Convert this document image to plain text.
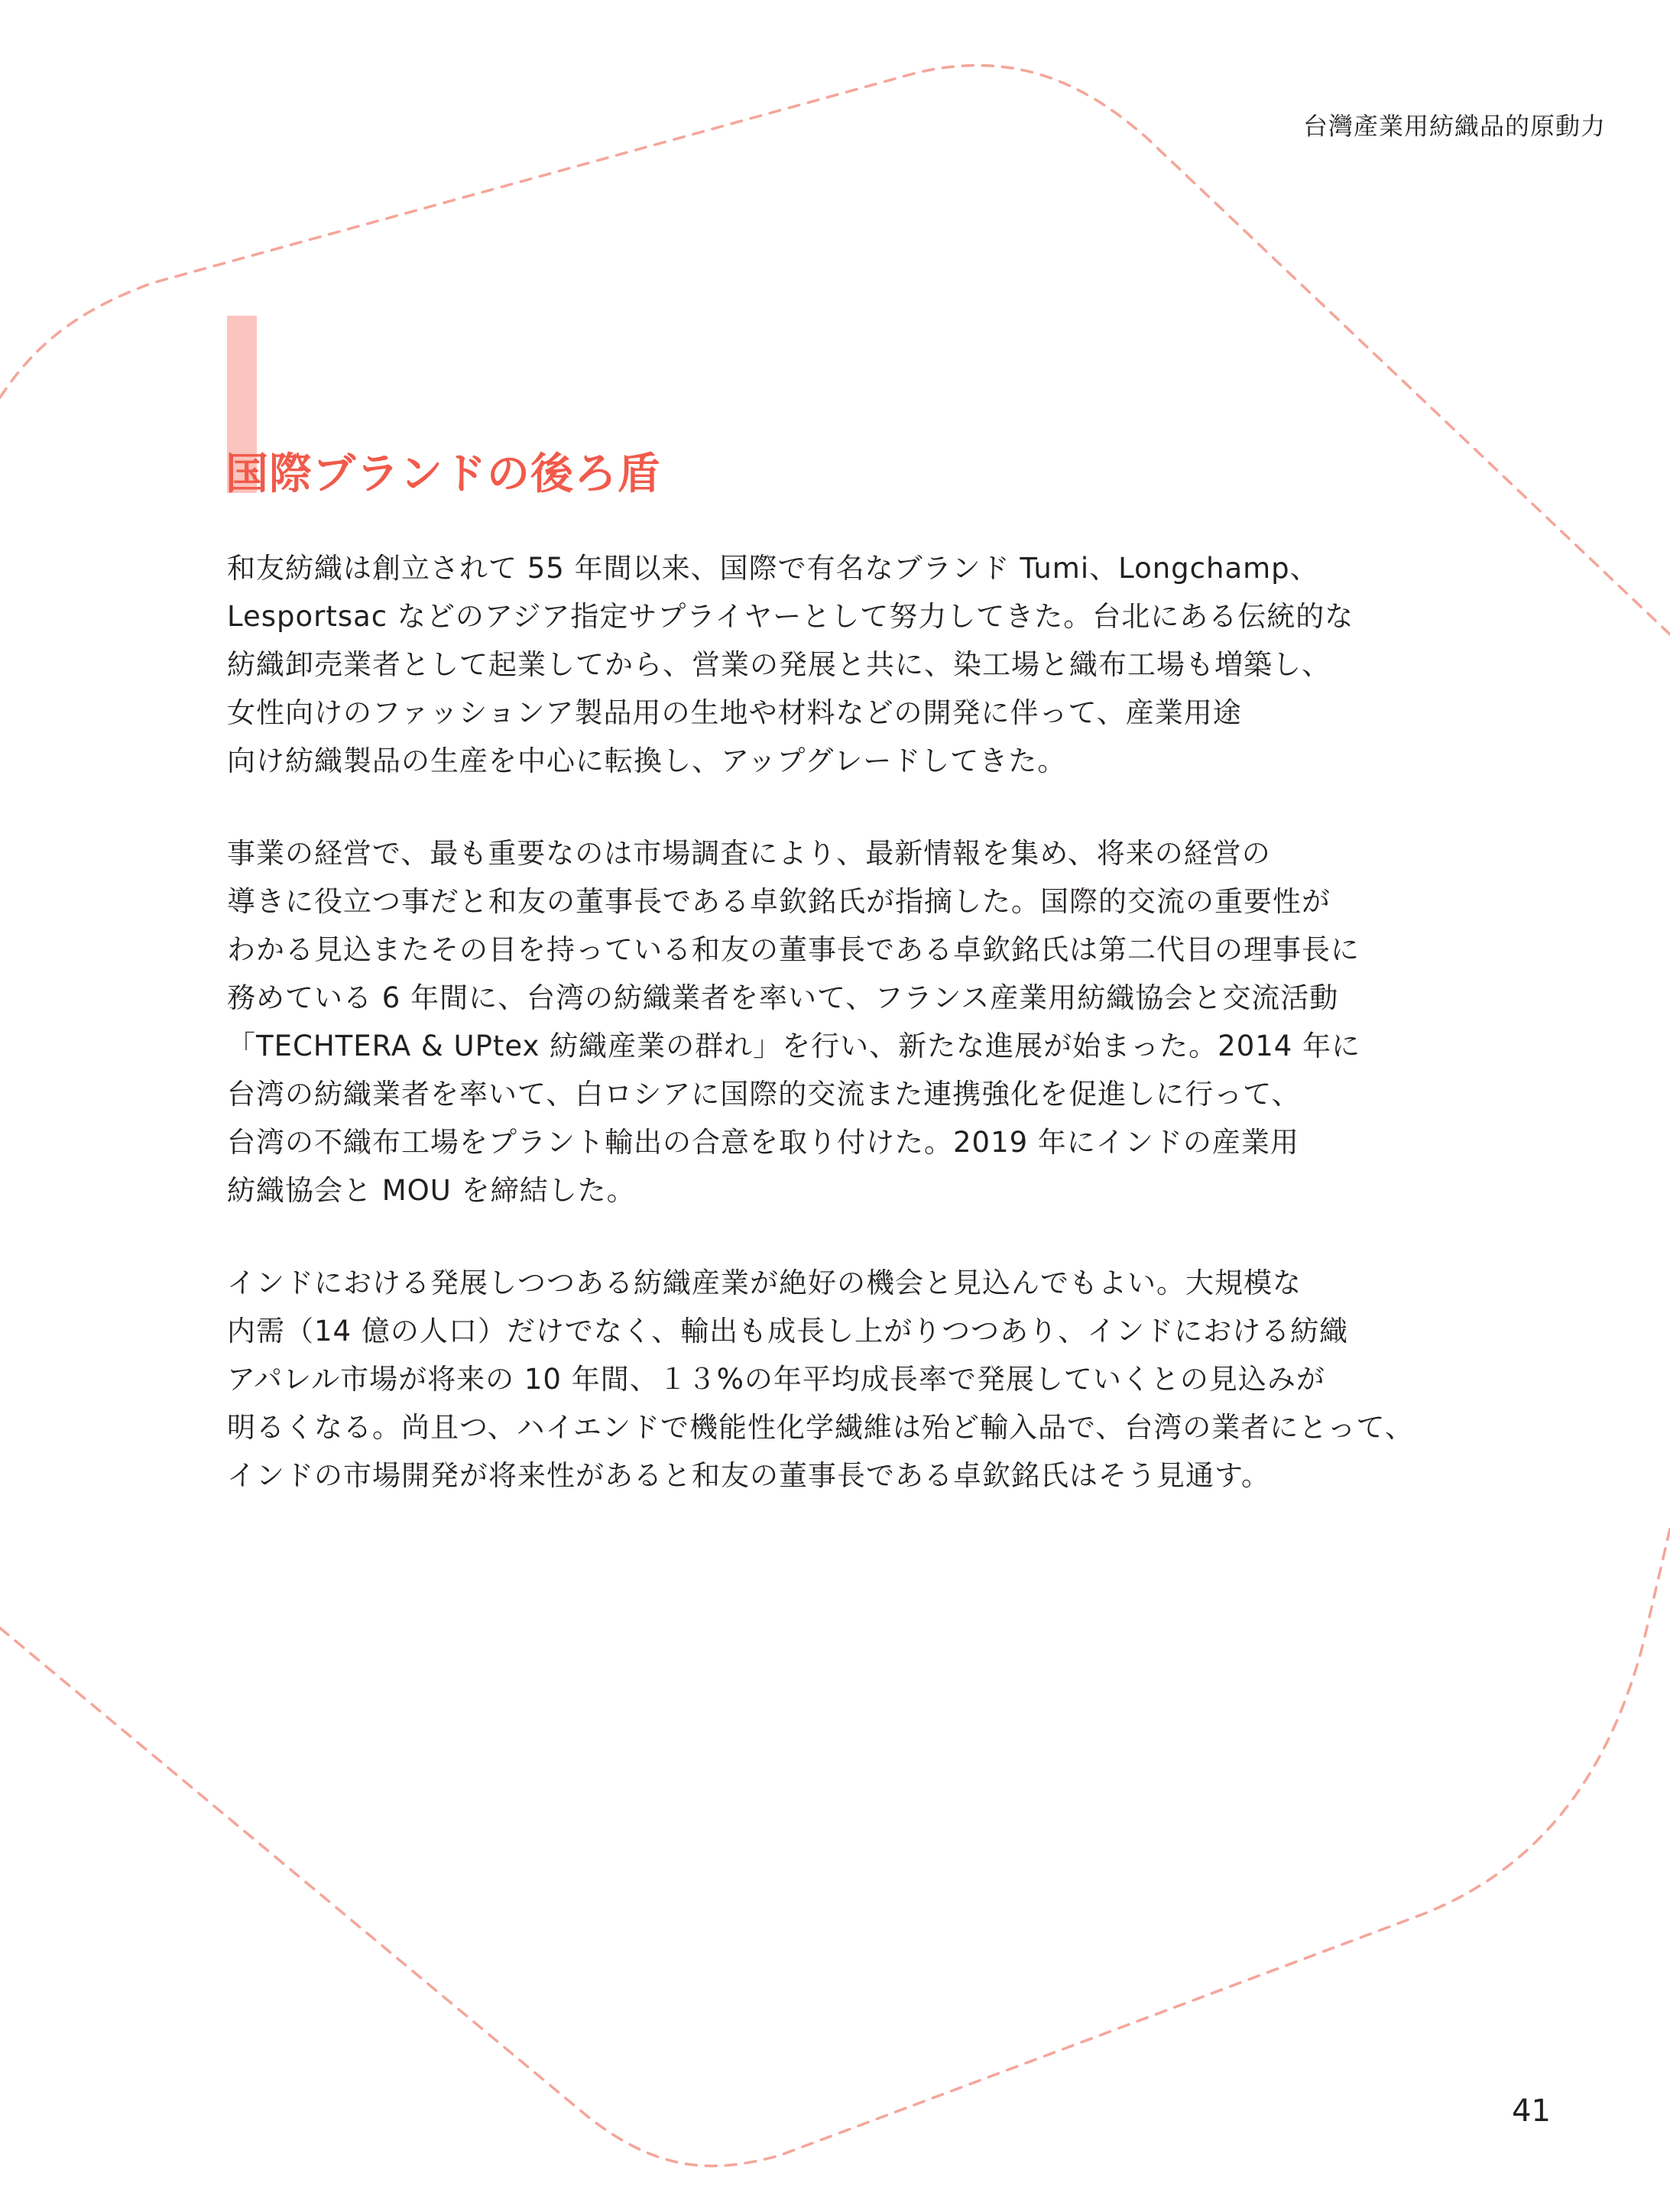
台灣產業用紡織品的原動力
国際ブランドの後ろ盾

和友紡織は創立されて 55 年間以来、国際で有名なブランド Tumi、Longchamp、
Lesportsac などのアジア指定サプライヤーとして努力してきた。台北にある伝統的な
紡織卸売業者として起業してから、営業の発展と共に、染工場と織布工場も増築し、
女性向けのファッションア製品用の生地や材料などの開発に伴って、産業用途
向け紡織製品の生産を中心に転換し、アップグレードしてきた。

事業の経営で、最も重要なのは市場調査により、最新情報を集め、将来の経営の
導きに役立つ事だと和友の董事長である卓欽銘氏が指摘した。国際的交流の重要性が
わかる見込またその目を持っている和友の董事長である卓欽銘氏は第二代目の理事長に
務めている 6 年間に、台湾の紡織業者を率いて、フランス産業用紡織協会と交流活動
「TECHTERA & UPtex 紡織産業の群れ」を行い、新たな進展が始まった。2014 年に
台湾の紡織業者を率いて、白ロシアに国際的交流また連携強化を促進しに行って、
台湾の不織布工場をプラント輸出の合意を取り付けた。2019 年にインドの産業用
紡織協会と MOU を締結した。

インドにおける発展しつつある紡織産業が絶好の機会と見込んでもよい。大規模な
内需（14 億の人口）だけでなく、輸出も成長し上がりつつあり、インドにおける紡織
アパレル市場が将来の 10 年間、１３%の年平均成長率で発展していくとの見込みが
明るくなる。尚且つ、ハイエンドで機能性化学繊維は殆ど輸入品で、台湾の業者にとって、
インドの市場開発が将来性があると和友の董事長である卓欽銘氏はそう見通す。

41
